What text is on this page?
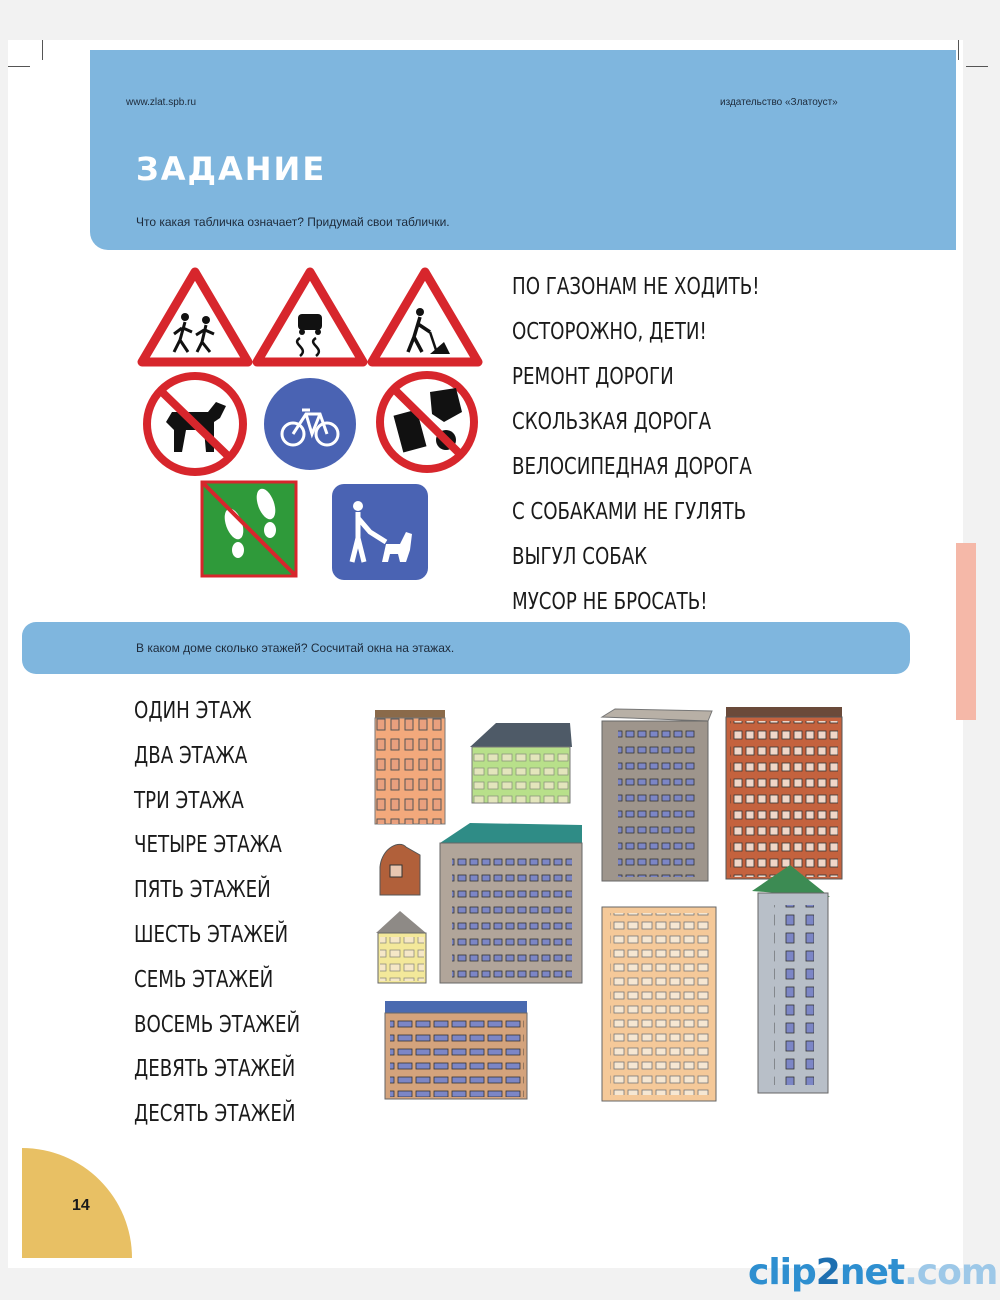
www.zlat.spb.ru	издательство «Златоуст»
ЗАДАНИЕ
Что какая табличка означает? Придумай свои таблички.
ПО ГАЗОНАМ НЕ ХОДИТЬ!
ОСТОРОЖНО, ДЕТИ!
РЕМОНТ ДОРОГИ
СКОЛЬЗКАЯ ДОРОГА
ВЕЛОСИПЕДНАЯ ДОРОГА
С СОБАКАМИ НЕ ГУЛЯТЬ
ВЫГУЛ СОБАК
МУСОР НЕ БРОСАТЬ!
В каком доме сколько этажей? Сосчитай окна на этажах.
ОДИН ЭТАЖ
ДВА ЭТАЖА
ТРИ ЭТАЖА
ЧЕТЫРЕ ЭТАЖА
ПЯТЬ ЭТАЖЕЙ
ШЕСТЬ ЭТАЖЕЙ
СЕМЬ ЭТАЖЕЙ
ВОСЕМЬ ЭТАЖЕЙ
ДЕВЯТЬ ЭТАЖЕЙ
ДЕСЯТЬ ЭТАЖЕЙ
14
clip2net.com
